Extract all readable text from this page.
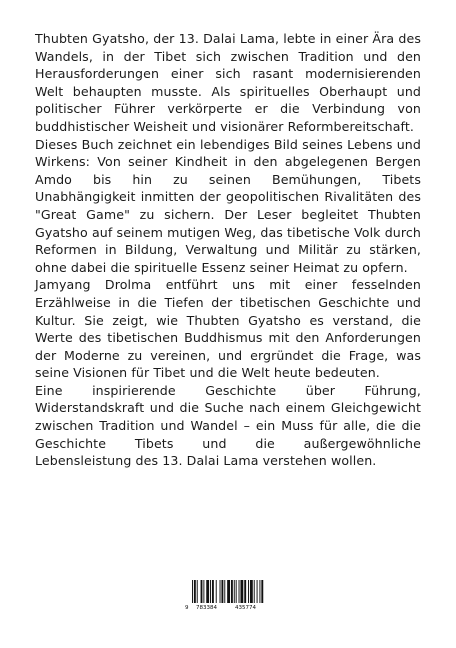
Thubten Gyatsho, der 13. Dalai Lama, lebte in einer Ära des Wandels, in der Tibet sich zwischen Tradition und den Herausforderungen einer sich rasant modernisierenden Welt behaupten musste. Als spirituelles Oberhaupt und politischer Führer verkörperte er die Verbindung von buddhistischer Weisheit und visionärer Reformbereitschaft.

Dieses Buch zeichnet ein lebendiges Bild seines Lebens und Wirkens: Von seiner Kindheit in den abgelegenen Bergen Amdo bis hin zu seinen Bemühungen, Tibets Unabhängigkeit inmitten der geopolitischen Rivalitäten des "Great Game" zu sichern. Der Leser begleitet Thubten Gyatsho auf seinem mutigen Weg, das tibetische Volk durch Reformen in Bildung, Verwaltung und Militär zu stärken, ohne dabei die spirituelle Essenz seiner Heimat zu opfern.

Jamyang Drolma entführt uns mit einer fesselnden Erzählweise in die Tiefen der tibetischen Geschichte und Kultur. Sie zeigt, wie Thubten Gyatsho es verstand, die Werte des tibetischen Buddhismus mit den Anforderungen der Moderne zu vereinen, und ergründet die Frage, was seine Visionen für Tibet und die Welt heute bedeuten.

Eine inspirierende Geschichte über Führung, Widerstandskraft und die Suche nach einem Gleichgewicht zwischen Tradition und Wandel – ein Muss für alle, die die Geschichte Tibets und die außergewöhnliche Lebensleistung des 13. Dalai Lama verstehen wollen.

9 783384	435774
